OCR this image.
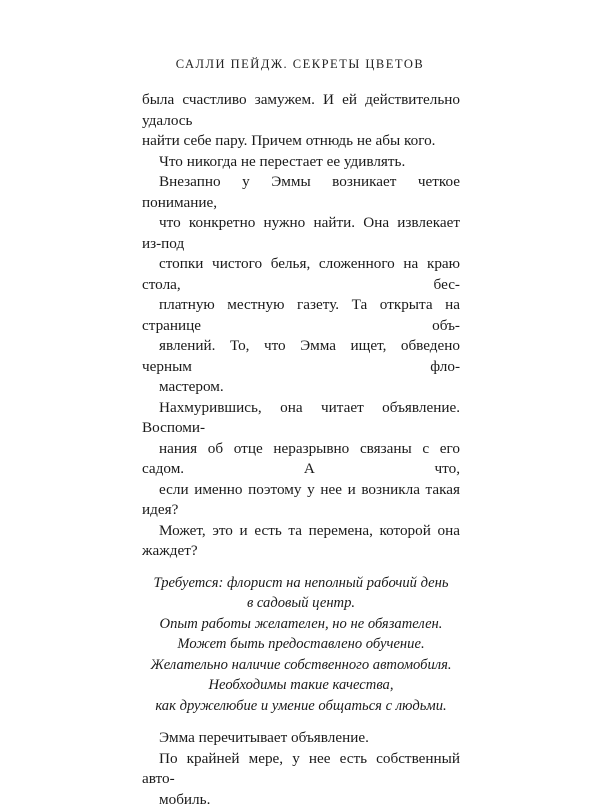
САЛЛИ ПЕЙДЖ. СЕКРЕТЫ ЦВЕТОВ

была счастливо замужем. И ей действительно удалось
найти себе пару. Причем отнюдь не абы кого.

Что никогда не перестает ее удивлять.

Внезапно у Эммы возникает четкое понимание,
что конкретно нужно найти. Она извлекает из-под
стопки чистого белья, сложенного на краю стола, бес-
платную местную газету. Та открыта на странице объ-
явлений. То, что Эмма ищет, обведено черным фло-
мастером.

Нахмурившись, она читает объявление. Воспоми-
нания об отце неразрывно связаны с его садом. А что,
если именно поэтому у нее и возникла такая идея?
Может, это и есть та перемена, которой она жаждет?

Требуется: флорист на неполный рабочий день
в садовый центр.
Опыт работы желателен, но не обязателен.
Может быть предоставлено обучение.
Желательно наличие собственного автомобиля.
Необходимы такие качества,
как дружелюбие и умение общаться с людьми.

Эмма перечитывает объявление.

По крайней мере, у нее есть собственный авто-
мобиль.
